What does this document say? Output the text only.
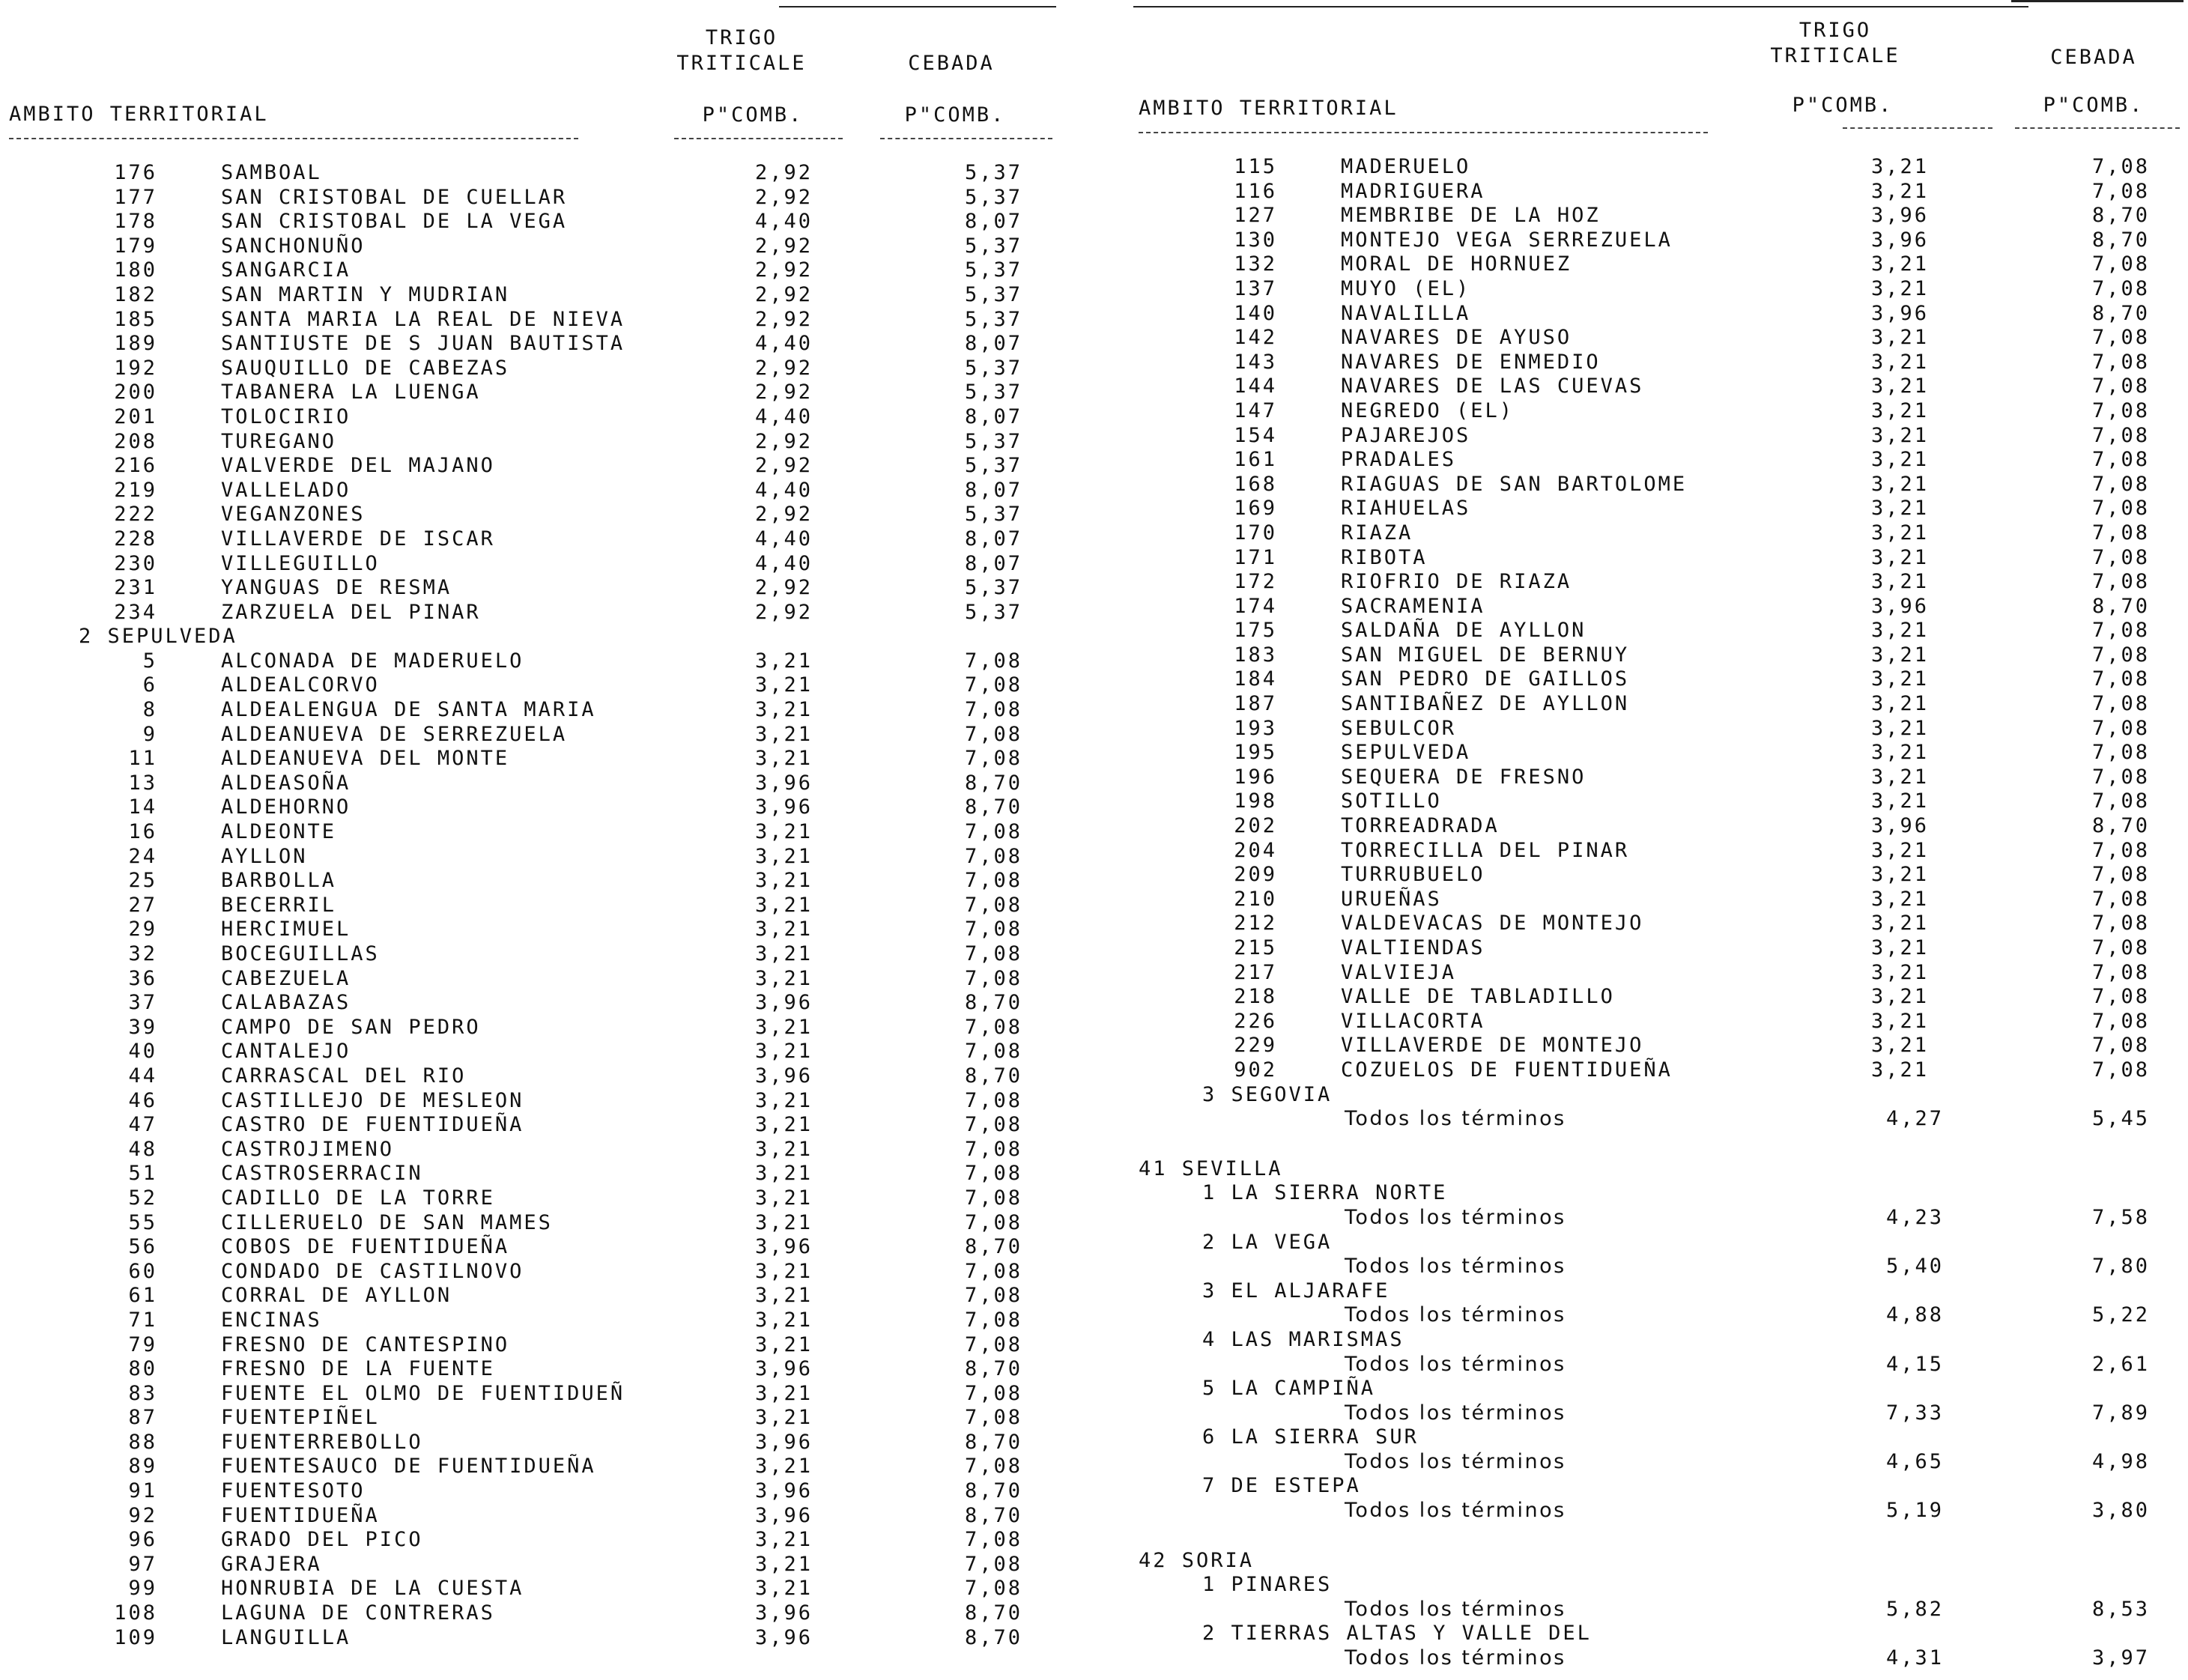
TRIGO
TRITICALE	CEBADA
AMBITO TERRITORIAL	P"COMB.	P"COMB.
176	SAMBOAL	2,92	5,37
177	SAN CRISTOBAL DE CUELLAR	2,92	5,37
178	SAN CRISTOBAL DE LA VEGA	4,40	8,07
179	SANCHONUÑO	2,92	5,37
180	SANGARCIA	2,92	5,37
182	SAN MARTIN Y MUDRIAN	2,92	5,37
185	SANTA MARIA LA REAL DE NIEVA	2,92	5,37
189	SANTIUSTE DE S JUAN BAUTISTA	4,40	8,07
192	SAUQUILLO DE CABEZAS	2,92	5,37
200	TABANERA LA LUENGA	2,92	5,37
201	TOLOCIRIO	4,40	8,07
208	TUREGANO	2,92	5,37
216	VALVERDE DEL MAJANO	2,92	5,37
219	VALLELADO	4,40	8,07
222	VEGANZONES	2,92	5,37
228	VILLAVERDE DE ISCAR	4,40	8,07
230	VILLEGUILLO	4,40	8,07
231	YANGUAS DE RESMA	2,92	5,37
234	ZARZUELA DEL PINAR	2,92	5,37
2 SEPULVEDA
5	ALCONADA DE MADERUELO	3,21	7,08
6	ALDEALCORVO	3,21	7,08
8	ALDEALENGUA DE SANTA MARIA	3,21	7,08
9	ALDEANUEVA DE SERREZUELA	3,21	7,08
11	ALDEANUEVA DEL MONTE	3,21	7,08
13	ALDEASOÑA	3,96	8,70
14	ALDEHORNO	3,96	8,70
16	ALDEONTE	3,21	7,08
24	AYLLON	3,21	7,08
25	BARBOLLA	3,21	7,08
27	BECERRIL	3,21	7,08
29	HERCIMUEL	3,21	7,08
32	BOCEGUILLAS	3,21	7,08
36	CABEZUELA	3,21	7,08
37	CALABAZAS	3,96	8,70
39	CAMPO DE SAN PEDRO	3,21	7,08
40	CANTALEJO	3,21	7,08
44	CARRASCAL DEL RIO	3,96	8,70
46	CASTILLEJO DE MESLEON	3,21	7,08
47	CASTRO DE FUENTIDUEÑA	3,21	7,08
48	CASTROJIMENO	3,21	7,08
51	CASTROSERRACIN	3,21	7,08
52	CADILLO DE LA TORRE	3,21	7,08
55	CILLERUELO DE SAN MAMES	3,21	7,08
56	COBOS DE FUENTIDUEÑA	3,96	8,70
60	CONDADO DE CASTILNOVO	3,21	7,08
61	CORRAL DE AYLLON	3,21	7,08
71	ENCINAS	3,21	7,08
79	FRESNO DE CANTESPINO	3,21	7,08
80	FRESNO DE LA FUENTE	3,96	8,70
83	FUENTE EL OLMO DE FUENTIDUEÑ	3,21	7,08
87	FUENTEPIÑEL	3,21	7,08
88	FUENTERREBOLLO	3,96	8,70
89	FUENTESAUCO DE FUENTIDUEÑA	3,21	7,08
91	FUENTESOTO	3,96	8,70
92	FUENTIDUEÑA	3,96	8,70
96	GRADO DEL PICO	3,21	7,08
97	GRAJERA	3,21	7,08
99	HONRUBIA DE LA CUESTA	3,21	7,08
108	LAGUNA DE CONTRERAS	3,96	8,70
109	LANGUILLA	3,96	8,70
TRIGO
TRITICALE	CEBADA
AMBITO TERRITORIAL	P"COMB.	P"COMB.
115	MADERUELO	3,21	7,08
116	MADRIGUERA	3,21	7,08
127	MEMBRIBE DE LA HOZ	3,96	8,70
130	MONTEJO VEGA SERREZUELA	3,96	8,70
132	MORAL DE HORNUEZ	3,21	7,08
137	MUYO (EL)	3,21	7,08
140	NAVALILLA	3,96	8,70
142	NAVARES DE AYUSO	3,21	7,08
143	NAVARES DE ENMEDIO	3,21	7,08
144	NAVARES DE LAS CUEVAS	3,21	7,08
147	NEGREDO (EL)	3,21	7,08
154	PAJAREJOS	3,21	7,08
161	PRADALES	3,21	7,08
168	RIAGUAS DE SAN BARTOLOME	3,21	7,08
169	RIAHUELAS	3,21	7,08
170	RIAZA	3,21	7,08
171	RIBOTA	3,21	7,08
172	RIOFRIO DE RIAZA	3,21	7,08
174	SACRAMENIA	3,96	8,70
175	SALDAÑA DE AYLLON	3,21	7,08
183	SAN MIGUEL DE BERNUY	3,21	7,08
184	SAN PEDRO DE GAILLOS	3,21	7,08
187	SANTIBAÑEZ DE AYLLON	3,21	7,08
193	SEBULCOR	3,21	7,08
195	SEPULVEDA	3,21	7,08
196	SEQUERA DE FRESNO	3,21	7,08
198	SOTILLO	3,21	7,08
202	TORREADRADA	3,96	8,70
204	TORRECILLA DEL PINAR	3,21	7,08
209	TURRUBUELO	3,21	7,08
210	URUEÑAS	3,21	7,08
212	VALDEVACAS DE MONTEJO	3,21	7,08
215	VALTIENDAS	3,21	7,08
217	VALVIEJA	3,21	7,08
218	VALLE DE TABLADILLO	3,21	7,08
226	VILLACORTA	3,21	7,08
229	VILLAVERDE DE MONTEJO	3,21	7,08
902	COZUELOS DE FUENTIDUEÑA	3,21	7,08
3 SEGOVIA
Todos los términos	4,27	5,45
41 SEVILLA
1 LA SIERRA NORTE
Todos los términos	4,23	7,58
2 LA VEGA
Todos los términos	5,40	7,80
3 EL ALJARAFE
Todos los términos	4,88	5,22
4 LAS MARISMAS
Todos los términos	4,15	2,61
5 LA CAMPIÑA
Todos los términos	7,33	7,89
6 LA SIERRA SUR
Todos los términos	4,65	4,98
7 DE ESTEPA
Todos los términos	5,19	3,80
42 SORIA
1 PINARES
Todos los términos	5,82	8,53
2 TIERRAS ALTAS Y VALLE DEL
Todos los términos	4,31	3,97
